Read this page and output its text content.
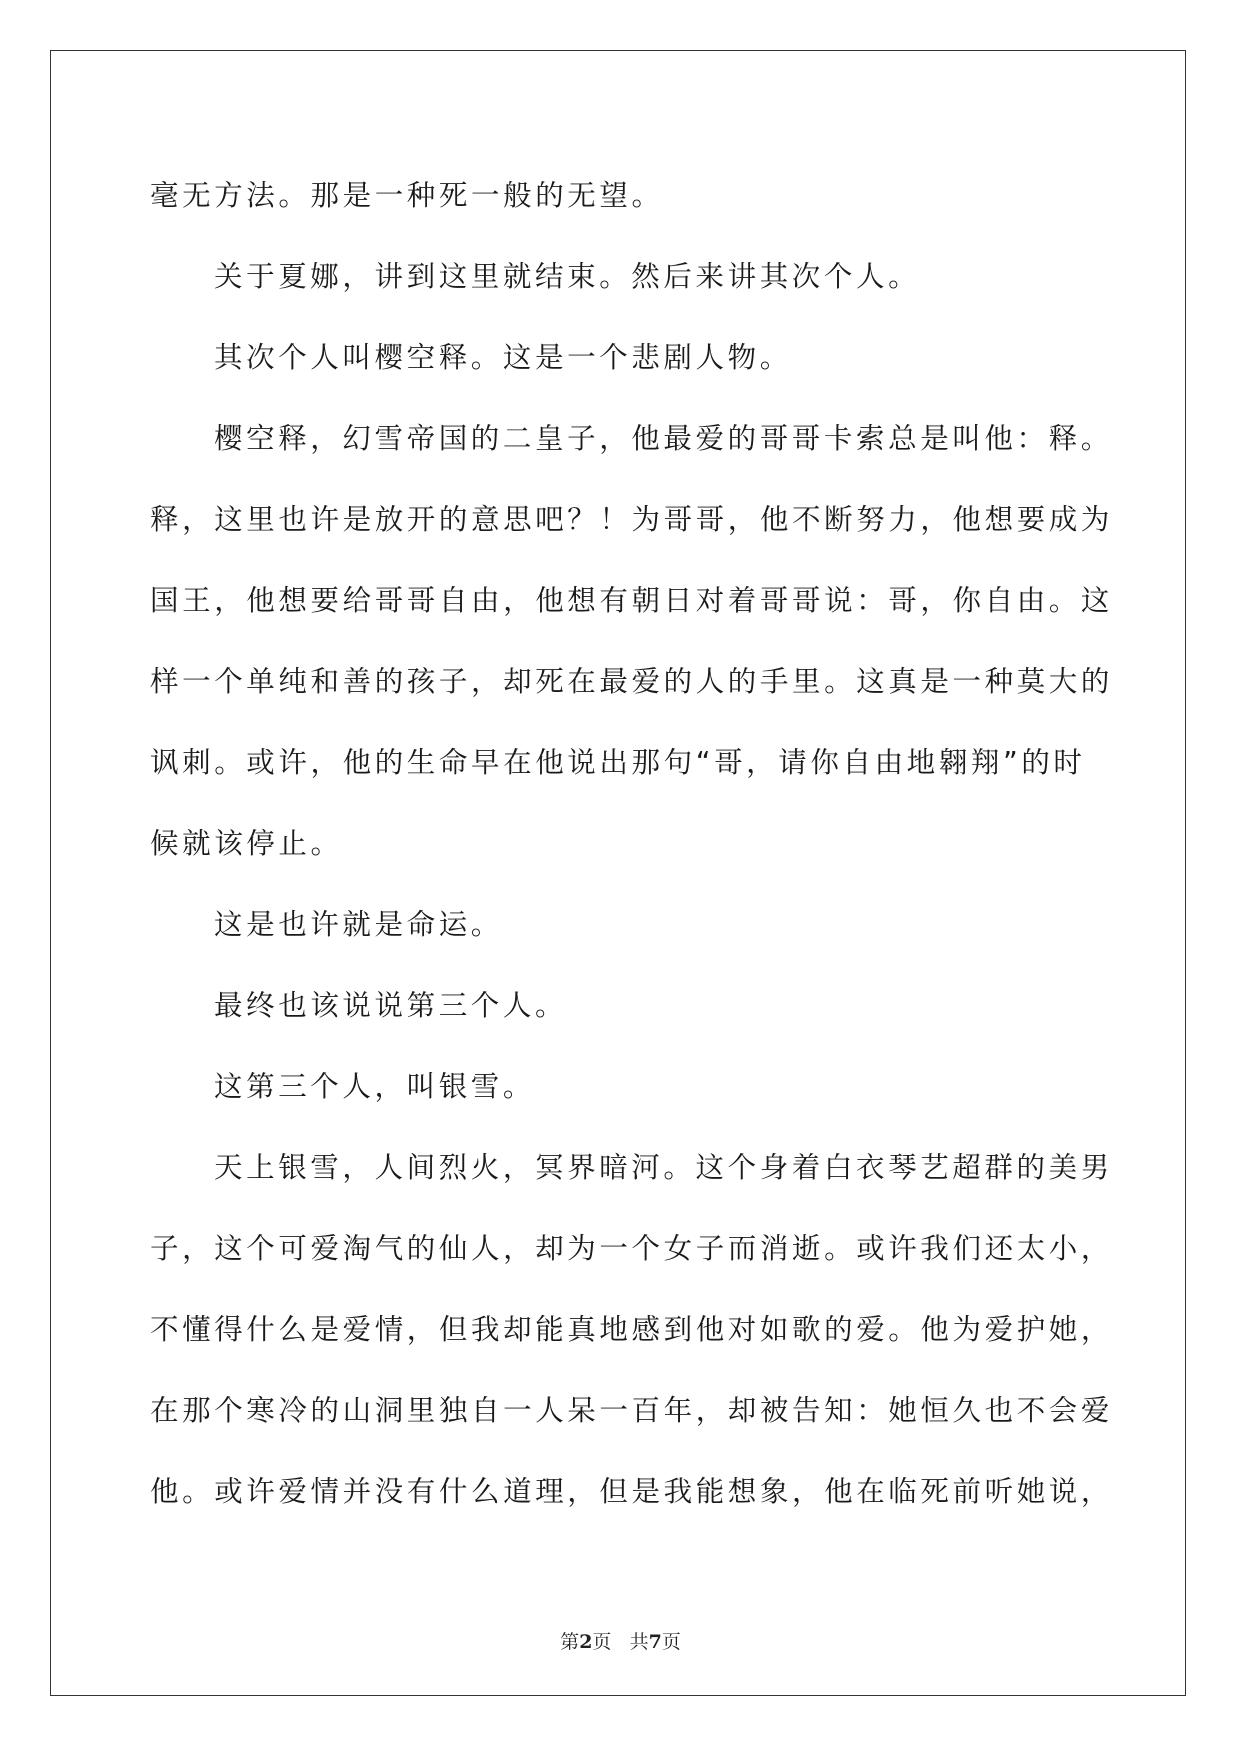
毫无方法。那是一种死一般的无望。
关于夏娜，讲到这里就结束。然后来讲其次个人。
其次个人叫樱空释。这是一个悲剧人物。
樱空释，幻雪帝国的二皇子，他最爱的哥哥卡索总是叫他：释。
释，这里也许是放开的意思吧？！为哥哥，他不断努力，他想要成为
国王，他想要给哥哥自由，他想有朝日对着哥哥说：哥，你自由。这
样一个单纯和善的孩子，却死在最爱的人的手里。这真是一种莫大的
讽刺。或许，他的生命早在他说出那句“哥，请你自由地翱翔”的时
候就该停止。
这是也许就是命运。
最终也该说说第三个人。
这第三个人，叫银雪。
天上银雪，人间烈火，冥界暗河。这个身着白衣琴艺超群的美男
子，这个可爱淘气的仙人，却为一个女子而消逝。或许我们还太小，
不懂得什么是爱情，但我却能真地感到他对如歌的爱。他为爱护她，
在那个寒冷的山洞里独自一人呆一百年，却被告知：她恒久也不会爱
他。或许爱情并没有什么道理，但是我能想象，他在临死前听她说，
第2页 共7页
